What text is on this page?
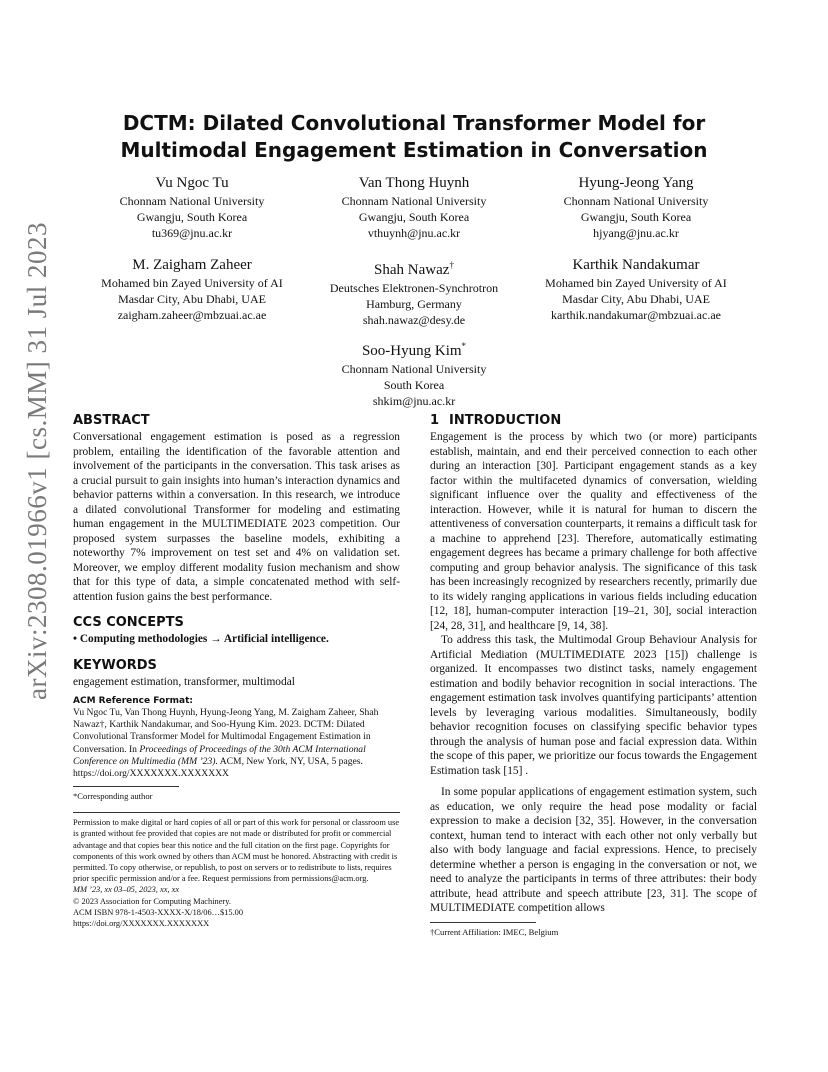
arXiv:2308.01966v1 [cs.MM] 31 Jul 2023
DCTM: Dilated Convolutional Transformer Model for Multimodal Engagement Estimation in Conversation
Vu Ngoc Tu
Chonnam National University
Gwangju, South Korea
tu369@jnu.ac.kr
Van Thong Huynh
Chonnam National University
Gwangju, South Korea
vthuynh@jnu.ac.kr
Hyung-Jeong Yang
Chonnam National University
Gwangju, South Korea
hjyang@jnu.ac.kr
M. Zaigham Zaheer
Mohamed bin Zayed University of AI
Masdar City, Abu Dhabi, UAE
zaigham.zaheer@mbzuai.ac.ae
Shah Nawaz†
Deutsches Elektronen-Synchrotron
Hamburg, Germany
shah.nawaz@desy.de
Karthik Nandakumar
Mohamed bin Zayed University of AI
Masdar City, Abu Dhabi, UAE
karthik.nandakumar@mbzuai.ac.ae
Soo-Hyung Kim*
Chonnam National University
South Korea
shkim@jnu.ac.kr
ABSTRACT

Conversational engagement estimation is posed as a regression problem, entailing the identification of the favorable attention and involvement of the participants in the conversation. This task arises as a crucial pursuit to gain insights into human’s interaction dynamics and behavior patterns within a conversation. In this research, we introduce a dilated convolutional Transformer for modeling and estimating human engagement in the MULTIMEDIATE 2023 competition. Our proposed system surpasses the baseline models, exhibiting a noteworthy 7% improvement on test set and 4% on validation set. Moreover, we employ different modality fusion mechanism and show that for this type of data, a simple concatenated method with self-attention fusion gains the best performance.

CCS CONCEPTS

• Computing methodologies → Artificial intelligence.

KEYWORDS

engagement estimation, transformer, multimodal

ACM Reference Format:

Vu Ngoc Tu, Van Thong Huynh, Hyung-Jeong Yang, M. Zaigham Zaheer, Shah Nawaz†, Karthik Nandakumar, and Soo-Hyung Kim. 2023. DCTM: Dilated Convolutional Transformer Model for Multimodal Engagement Estimation in Conversation. In Proceedings of Proceedings of the 30th ACM International Conference on Multimedia (MM ’23). ACM, New York, NY, USA, 5 pages. https://doi.org/XXXXXXX.XXXXXXX

*Corresponding author
Permission to make digital or hard copies of all or part of this work for personal or classroom use is granted without fee provided that copies are not made or distributed for profit or commercial advantage and that copies bear this notice and the full citation on the first page. Copyrights for components of this work owned by others than ACM must be honored. Abstracting with credit is permitted. To copy otherwise, or republish, to post on servers or to redistribute to lists, requires prior specific permission and/or a fee. Request permissions from permissions@acm.org.
MM ’23, xx 03–05, 2023, xx, xx
© 2023 Association for Computing Machinery.
ACM ISBN 978-1-4503-XXXX-X/18/06…$15.00
https://doi.org/XXXXXXX.XXXXXXX
1 INTRODUCTION

Engagement is the process by which two (or more) participants establish, maintain, and end their perceived connection to each other during an interaction [30]. Participant engagement stands as a key factor within the multifaceted dynamics of conversation, wielding significant influence over the quality and effectiveness of the interaction. However, while it is natural for human to discern the attentiveness of conversation counterparts, it remains a difficult task for a machine to apprehend [23]. Therefore, automatically estimating engagement degrees has became a primary challenge for both affective computing and group behavior analysis. The significance of this task has been increasingly recognized by researchers recently, primarily due to its widely ranging applications in various fields including education [12, 18], human-computer interaction [19–21, 30], social interaction [24, 28, 31], and healthcare [9, 14, 38].

To address this task, the Multimodal Group Behaviour Analysis for Artificial Mediation (MULTIMEDIATE 2023 [15]) challenge is organized. It encompasses two distinct tasks, namely engagement estimation and bodily behavior recognition in social interactions. The engagement estimation task involves quantifying participants’ attention levels by leveraging various modalities. Simultaneously, bodily behavior recognition focuses on classifying specific behavior types through the analysis of human pose and facial expression data. Within the scope of this paper, we prioritize our focus towards the Engagement Estimation task [15] .

In some popular applications of engagement estimation system, such as education, we only require the head pose modality or facial expression to make a decision [32, 35]. However, in the conversation context, human tend to interact with each other not only verbally but also with body language and facial expressions. Hence, to precisely determine whether a person is engaging in the conversation or not, we need to analyze the participants in terms of three attributes: their body attribute, head attribute and speech attribute [23, 31]. The scope of MULTIMEDIATE competition allows

†Current Affiliation: IMEC, Belgium
